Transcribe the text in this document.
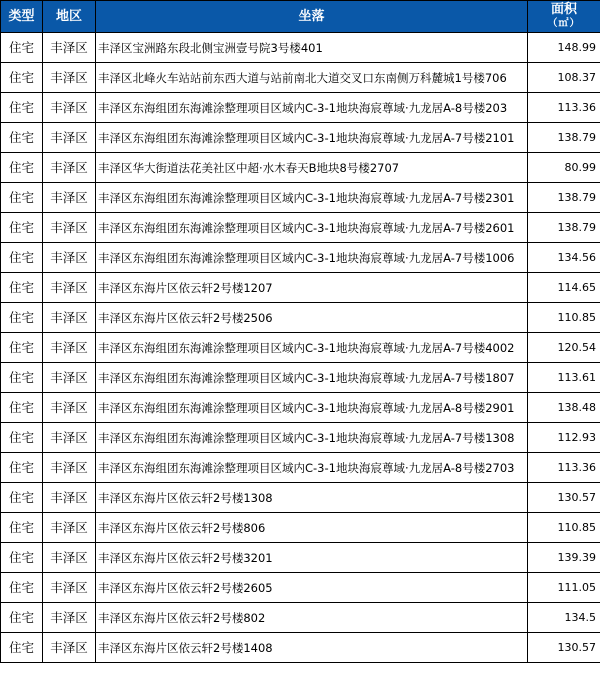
类型	地区	坐落	面积
（㎡）

住宅	丰泽区	丰泽区宝洲路东段北侧宝洲壹号院3号楼401	148.99
住宅	丰泽区	丰泽区北峰火车站站前东西大道与站前南北大道交叉口东南侧万科麓城1号楼706	108.37
住宅	丰泽区	丰泽区东海组团东海滩涂整理项目区域内C-3-1地块海宸尊域·九龙居A-8号楼203	113.36
住宅	丰泽区	丰泽区东海组团东海滩涂整理项目区域内C-3-1地块海宸尊域·九龙居A-7号楼2101	138.79
住宅	丰泽区	丰泽区华大街道法花美社区中超·水木春天B地块8号楼2707	80.99
住宅	丰泽区	丰泽区东海组团东海滩涂整理项目区域内C-3-1地块海宸尊域·九龙居A-7号楼2301	138.79
住宅	丰泽区	丰泽区东海组团东海滩涂整理项目区域内C-3-1地块海宸尊域·九龙居A-7号楼2601	138.79
住宅	丰泽区	丰泽区东海组团东海滩涂整理项目区域内C-3-1地块海宸尊域·九龙居A-7号楼1006	134.56
住宅	丰泽区	丰泽区东海片区依云轩2号楼1207	114.65
住宅	丰泽区	丰泽区东海片区依云轩2号楼2506	110.85
住宅	丰泽区	丰泽区东海组团东海滩涂整理项目区域内C-3-1地块海宸尊域·九龙居A-7号楼4002	120.54
住宅	丰泽区	丰泽区东海组团东海滩涂整理项目区域内C-3-1地块海宸尊域·九龙居A-7号楼1807	113.61
住宅	丰泽区	丰泽区东海组团东海滩涂整理项目区域内C-3-1地块海宸尊域·九龙居A-8号楼2901	138.48
住宅	丰泽区	丰泽区东海组团东海滩涂整理项目区域内C-3-1地块海宸尊域·九龙居A-7号楼1308	112.93
住宅	丰泽区	丰泽区东海组团东海滩涂整理项目区域内C-3-1地块海宸尊域·九龙居A-8号楼2703	113.36
住宅	丰泽区	丰泽区东海片区依云轩2号楼1308	130.57
住宅	丰泽区	丰泽区东海片区依云轩2号楼806	110.85
住宅	丰泽区	丰泽区东海片区依云轩2号楼3201	139.39
住宅	丰泽区	丰泽区东海片区依云轩2号楼2605	111.05
住宅	丰泽区	丰泽区东海片区依云轩2号楼802	134.5
住宅	丰泽区	丰泽区东海片区依云轩2号楼1408	130.57
